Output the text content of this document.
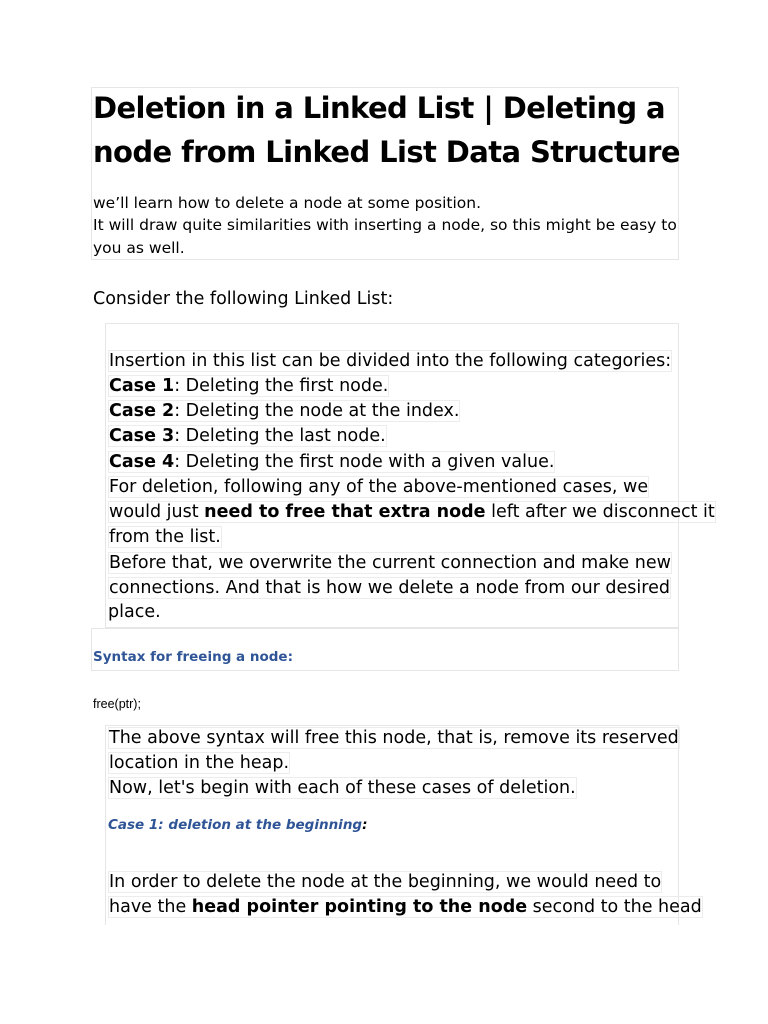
Deletion in a Linked List | Deleting a
node from Linked List Data Structure
we’ll learn how to delete a node at some position.
It will draw quite similarities with inserting a node, so this might be easy to
you as well.
Consider the following Linked List:
Insertion in this list can be divided into the following categories:
Case 1: Deleting the first node.
Case 2: Deleting the node at the index.
Case 3: Deleting the last node.
Case 4: Deleting the first node with a given value.
For deletion, following any of the above-mentioned cases, we
would just need to free that extra node left after we disconnect it
from the list.
Before that, we overwrite the current connection and make new
connections. And that is how we delete a node from our desired
place.
Syntax for freeing a node:
free(ptr);
The above syntax will free this node, that is, remove its reserved
location in the heap.
Now, let's begin with each of these cases of deletion.
Case 1: deletion at the beginning:
In order to delete the node at the beginning, we would need to
have the head pointer pointing to the node second to the head
